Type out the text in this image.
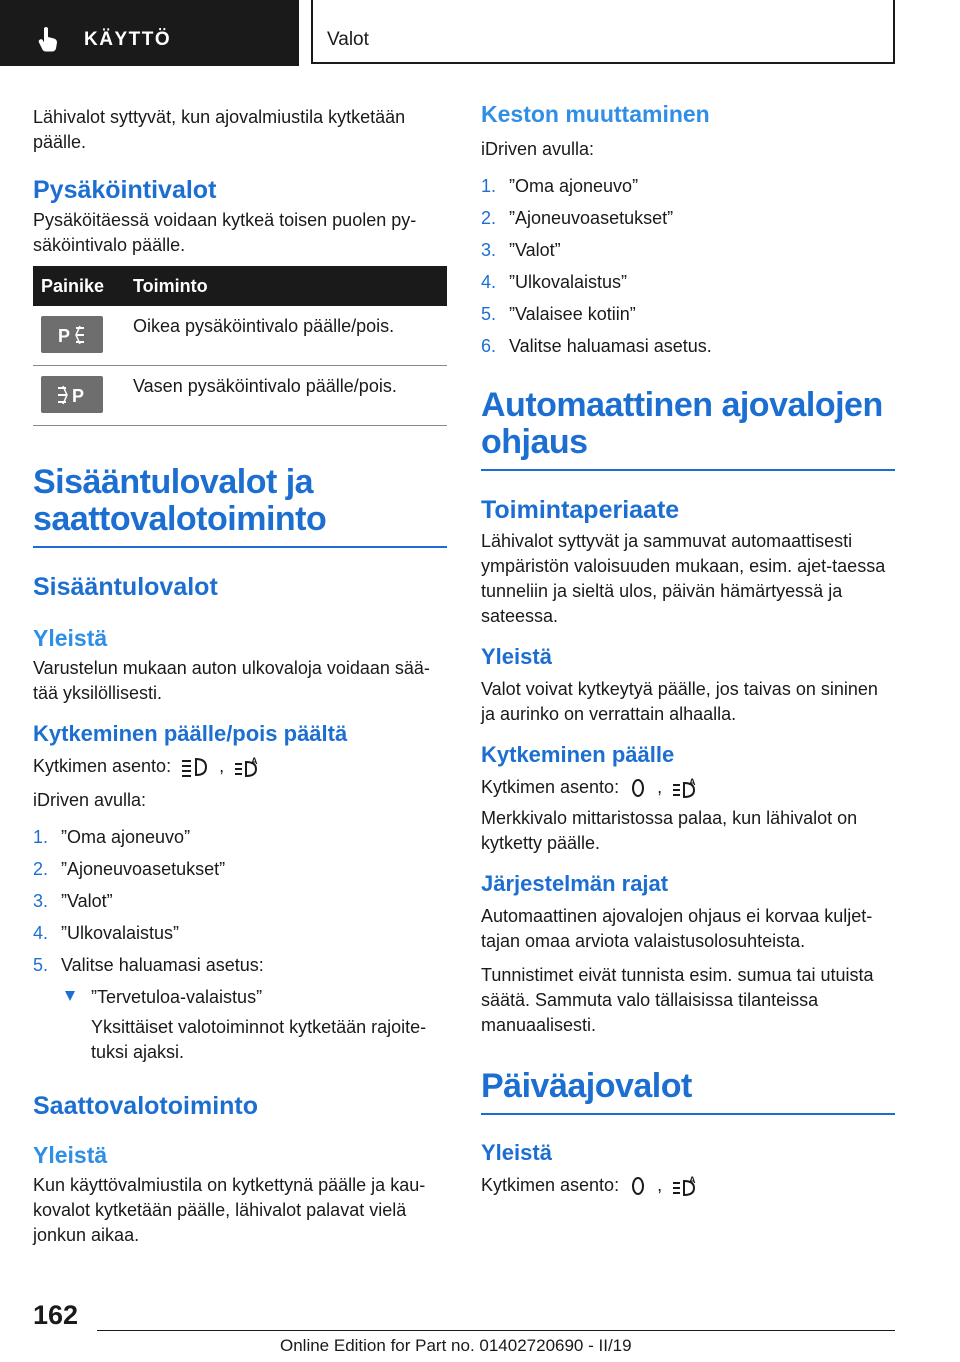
KÄYTTÖ	Valot

Lähivalot syttyvät, kun ajovalmiustila kytketään päälle.

Pysäköintivalot

Pysäköitäessä voidaan kytkeä toisen puolen py-säköintivalo päälle.

Painike	Toiminto

P	Oikea pysäköintivalo päälle/pois.

P	Vasen pysäköintivalo päälle/pois.
Sisääntulovalot ja saattovalotoiminto
Sisääntulovalot
Yleistä

Varustelun mukaan auton ulkovaloja voidaan sää-tää yksilöllisesti.

Kytkeminen päälle/pois päältä

Kytkimen asento:	,	A

iDriven avulla:

1. ”Oma ajoneuvo”
2. ”Ajoneuvoasetukset”
3. ”Valot”
4. ”Ulkovalaistus”
5. Valitse haluamasi asetus:
”Tervetuloa-valaistus”
Yksittäiset valotoiminnot kytketään rajoite-tuksi ajaksi.
Saattovalotoiminto
Yleistä

Kun käyttövalmiustila on kytkettynä päälle ja kau-kovalot kytketään päälle, lähivalot palavat vielä jonkun aikaa.

Keston muuttaminen

iDriven avulla:

1. ”Oma ajoneuvo”
2. ”Ajoneuvoasetukset”
3. ”Valot”
4. ”Ulkovalaistus”
5. ”Valaisee kotiin”
6. Valitse haluamasi asetus.
Automaattinen ajovalojen ohjaus
Toimintaperiaate

Lähivalot syttyvät ja sammuvat automaattisesti ympäristön valoisuuden mukaan, esim. ajet-taessa tunneliin ja sieltä ulos, päivän hämärtyessä ja sateessa.

Yleistä

Valot voivat kytkeytyä päälle, jos taivas on sininen ja aurinko on verrattain alhaalla.

Kytkeminen päälle

Kytkimen asento: ,	A

Merkkivalo mittaristossa palaa, kun lähivalot on kytketty päälle.

Järjestelmän rajat

Automaattinen ajovalojen ohjaus ei korvaa kuljet-tajan omaa arviota valaistusolosuhteista.

Tunnistimet eivät tunnista esim. sumua tai utuista säätä. Sammuta valo tällaisissa tilanteissa manuaalisesti.

Päiväajovalot
Yleistä

Kytkimen asento: ,	A

162
Online Edition for Part no. 01402720690 - II/19
